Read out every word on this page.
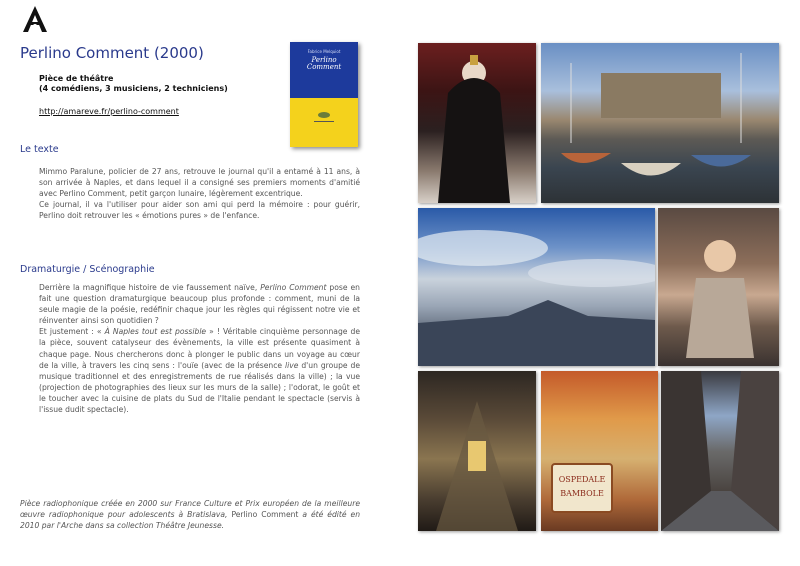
Perlino Comment (2000)
Pièce de théâtre
(4 comédiens, 3 musiciens, 2 techniciens)
http://amareve.fr/perlino-comment
Fabrice Melquiot
Perlino
Comment
Le texte
Mimmo Paralune, policier de 27 ans, retrouve le journal qu'il a entamé à 11 ans, à son arrivée à Naples, et dans lequel il a consigné ses premiers moments d'amitié avec Perlino Comment, petit garçon lunaire, légèrement excentrique.
Ce journal, il va l'utiliser pour aider son ami qui perd la mémoire : pour guérir, Perlino doit retrouver les « émotions pures » de l'enfance.
Dramaturgie / Scénographie
Derrière la magnifique histoire de vie faussement naïve, Perlino Comment pose en fait une question dramaturgique beaucoup plus profonde : comment, muni de la seule magie de la poésie, redéfinir chaque jour les règles qui régissent notre vie et réinventer ainsi son quotidien ?
Et justement : « À Naples tout est possible » ! Véritable cinquième personnage de la pièce, souvent catalyseur des évènements, la ville est présente quasiment à chaque page. Nous chercherons donc à plonger le public dans un voyage au cœur de la ville, à travers les cinq sens : l'ouïe (avec de la présence live d'un groupe de musique traditionnel et des enregistrements de rue réalisés dans la ville) ; la vue (projection de photographies des lieux sur les murs de la salle) ; l'odorat, le goût et le toucher avec la cuisine de plats du Sud de l'Italie pendant le spectacle (servis à l'issue dudit spectacle).
Pièce radiophonique créée en 2000 sur France Culture et Prix européen de la meilleure œuvre radiophonique pour adolescents à Bratislava, Perlino Comment a été édité en 2010 par l'Arche dans sa collection Théâtre Jeunesse.
OSPEDALE
BAMBOLE
